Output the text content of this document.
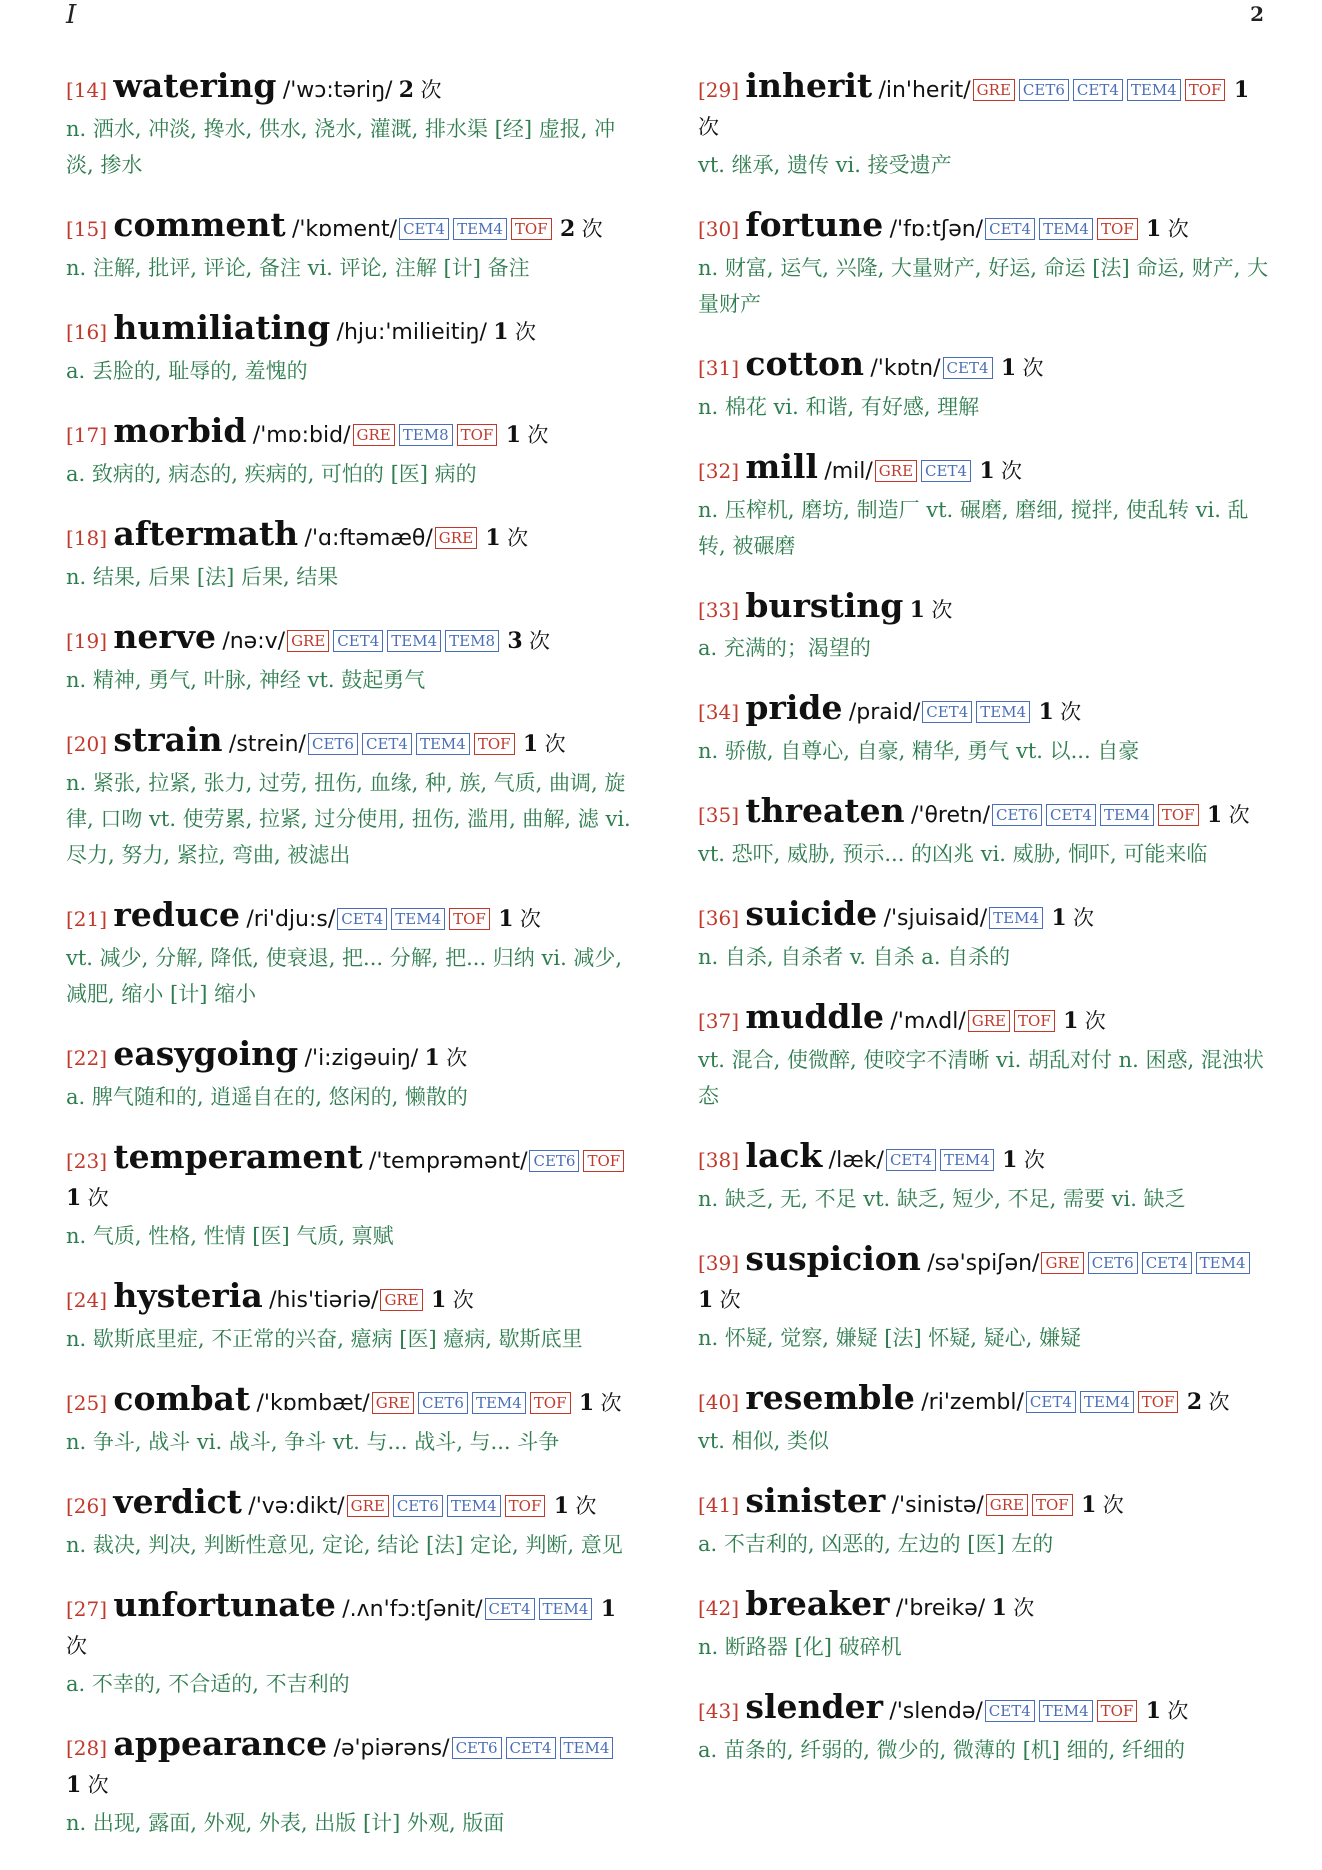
I	2
[14] watering /'wɔ:təriŋ/ 2 次
n. 洒水, 冲淡, 搀水, 供水, 浇水, 灌溉, 排水渠 [经] 虚报, 冲淡, 掺水
[15] comment /'kɒment/ CET4 TEM4 TOF 2 次
n. 注解, 批评, 评论, 备注 vi. 评论, 注解 [计] 备注
[16] humiliating /hju:'milieitiŋ/ 1 次
a. 丢脸的, 耻辱的, 羞愧的
[17] morbid /'mɒ:bid/ GRE TEM8 TOF 1 次
a. 致病的, 病态的, 疾病的, 可怕的 [医] 病的
[18] aftermath /'ɑ:ftəmæθ/ GRE 1 次
n. 结果, 后果 [法] 后果, 结果
[19] nerve /nə:v/ GRE CET4 TEM4 TEM8 3 次
n. 精神, 勇气, 叶脉, 神经 vt. 鼓起勇气
[20] strain /strein/ CET6 CET4 TEM4 TOF 1 次
n. 紧张, 拉紧, 张力, 过劳, 扭伤, 血缘, 种, 族, 气质, 曲调, 旋律, 口吻 vt. 使劳累, 拉紧, 过分使用, 扭伤, 滥用, 曲解, 滤 vi. 尽力, 努力, 紧拉, 弯曲, 被滤出
[21] reduce /ri'dju:s/ CET4 TEM4 TOF 1 次
vt. 减少, 分解, 降低, 使衰退, 把... 分解, 把... 归纳 vi. 减少, 减肥, 缩小 [计] 缩小
[22] easygoing /'i:zigəuiŋ/ 1 次
a. 脾气随和的, 逍遥自在的, 悠闲的, 懒散的
[23] temperament /'temprəmənt/ CET6 TOF 1 次
n. 气质, 性格, 性情 [医] 气质, 禀赋
[24] hysteria /his'tiəriə/ GRE 1 次
n. 歇斯底里症, 不正常的兴奋, 癔病 [医] 癔病, 歇斯底里
[25] combat /'kɒmbæt/ GRE CET6 TEM4 TOF 1 次
n. 争斗, 战斗 vi. 战斗, 争斗 vt. 与... 战斗, 与... 斗争
[26] verdict /'və:dikt/ GRE CET6 TEM4 TOF 1 次
n. 裁决, 判决, 判断性意见, 定论, 结论 [法] 定论, 判断, 意见
[27] unfortunate /.ʌn'fɔ:tʃənit/ CET4 TEM4 1 次
a. 不幸的, 不合适的, 不吉利的
[28] appearance /ə'piərəns/ CET6 CET4 TEM4 1 次
n. 出现, 露面, 外观, 外表, 出版 [计] 外观, 版面
[29] inherit /in'herit/ GRE CET6 CET4 TEM4 TOF 1 次
vt. 继承, 遗传 vi. 接受遗产
[30] fortune /'fɒ:tʃən/ CET4 TEM4 TOF 1 次
n. 财富, 运气, 兴隆, 大量财产, 好运, 命运 [法] 命运, 财产, 大量财产
[31] cotton /'kɒtn/ CET4 1 次
n. 棉花 vi. 和谐, 有好感, 理解
[32] mill /mil/ GRE CET4 1 次
n. 压榨机, 磨坊, 制造厂 vt. 碾磨, 磨细, 搅拌, 使乱转 vi. 乱转, 被碾磨
[33] bursting 1 次
a. 充满的；渴望的
[34] pride /praid/ CET4 TEM4 1 次
n. 骄傲, 自尊心, 自豪, 精华, 勇气 vt. 以... 自豪
[35] threaten /'θretn/ CET6 CET4 TEM4 TOF 1 次
vt. 恐吓, 威胁, 预示... 的凶兆 vi. 威胁, 恫吓, 可能来临
[36] suicide /'sjuisaid/ TEM4 1 次
n. 自杀, 自杀者 v. 自杀 a. 自杀的
[37] muddle /'mʌdl/ GRE TOF 1 次
vt. 混合, 使微醉, 使咬字不清晰 vi. 胡乱对付 n. 困惑, 混浊状态
[38] lack /læk/ CET4 TEM4 1 次
n. 缺乏, 无, 不足 vt. 缺乏, 短少, 不足, 需要 vi. 缺乏
[39] suspicion /sə'spiʃən/ GRE CET6 CET4 TEM4 1 次
n. 怀疑, 觉察, 嫌疑 [法] 怀疑, 疑心, 嫌疑
[40] resemble /ri'zembl/ CET4 TEM4 TOF 2 次
vt. 相似, 类似
[41] sinister /'sinistə/ GRE TOF 1 次
a. 不吉利的, 凶恶的, 左边的 [医] 左的
[42] breaker /'breikə/ 1 次
n. 断路器 [化] 破碎机
[43] slender /'slendə/ CET4 TEM4 TOF 1 次
a. 苗条的, 纤弱的, 微少的, 微薄的 [机] 细的, 纤细的
